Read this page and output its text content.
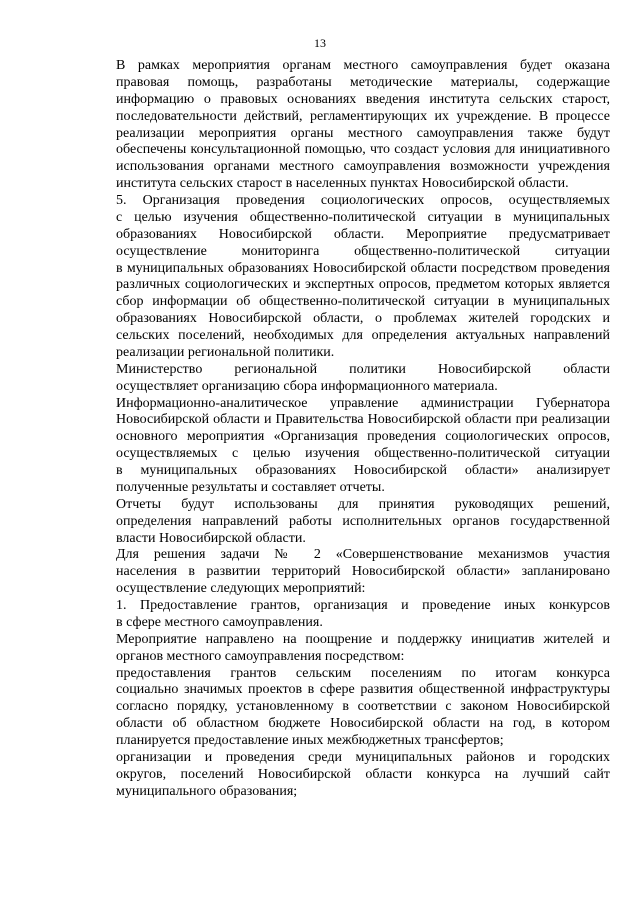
13
В рамках мероприятия органам местного самоуправления будет оказана
правовая помощь, разработаны методические материалы, содержащие
информацию о правовых основаниях введения института сельских старост,
последовательности действий, регламентирующих их учреждение. В процессе
реализации мероприятия органы местного самоуправления также будут
обеспечены консультационной помощью, что создаст условия для инициативного
использования органами местного самоуправления возможности учреждения
института сельских старост в населенных пунктах Новосибирской области.
5. Организация проведения социологических опросов, осуществляемых
с целью изучения общественно-политической ситуации в муниципальных
образованиях Новосибирской области. Мероприятие предусматривает
осуществление мониторинга общественно-политической ситуации
в муниципальных образованиях Новосибирской области посредством проведения
различных социологических и экспертных опросов, предметом которых является
сбор информации об общественно-политической ситуации в муниципальных
образованиях Новосибирской области, о проблемах жителей городских и
сельских поселений, необходимых для определения актуальных направлений
реализации региональной политики.
Министерство региональной политики Новосибирской области
осуществляет организацию сбора информационного материала.
Информационно-аналитическое управление администрации Губернатора
Новосибирской области и Правительства Новосибирской области при реализации
основного мероприятия «Организация проведения социологических опросов,
осуществляемых с целью изучения общественно-политической ситуации
в муниципальных образованиях Новосибирской области» анализирует
полученные результаты и составляет отчеты.
Отчеты будут использованы для принятия руководящих решений,
определения направлений работы исполнительных органов государственной
власти Новосибирской области.
Для решения задачи № 2 «Совершенствование механизмов участия
населения в развитии территорий Новосибирской области» запланировано
осуществление следующих мероприятий:
1. Предоставление грантов, организация и проведение иных конкурсов
в сфере местного самоуправления.
Мероприятие направлено на поощрение и поддержку инициатив жителей и
органов местного самоуправления посредством:
предоставления грантов сельским поселениям по итогам конкурса
социально значимых проектов в сфере развития общественной инфраструктуры
согласно порядку, установленному в соответствии с законом Новосибирской
области об областном бюджете Новосибирской области на год, в котором
планируется предоставление иных межбюджетных трансфертов;
организации и проведения среди муниципальных районов и городских
округов, поселений Новосибирской области конкурса на лучший сайт
муниципального образования;
